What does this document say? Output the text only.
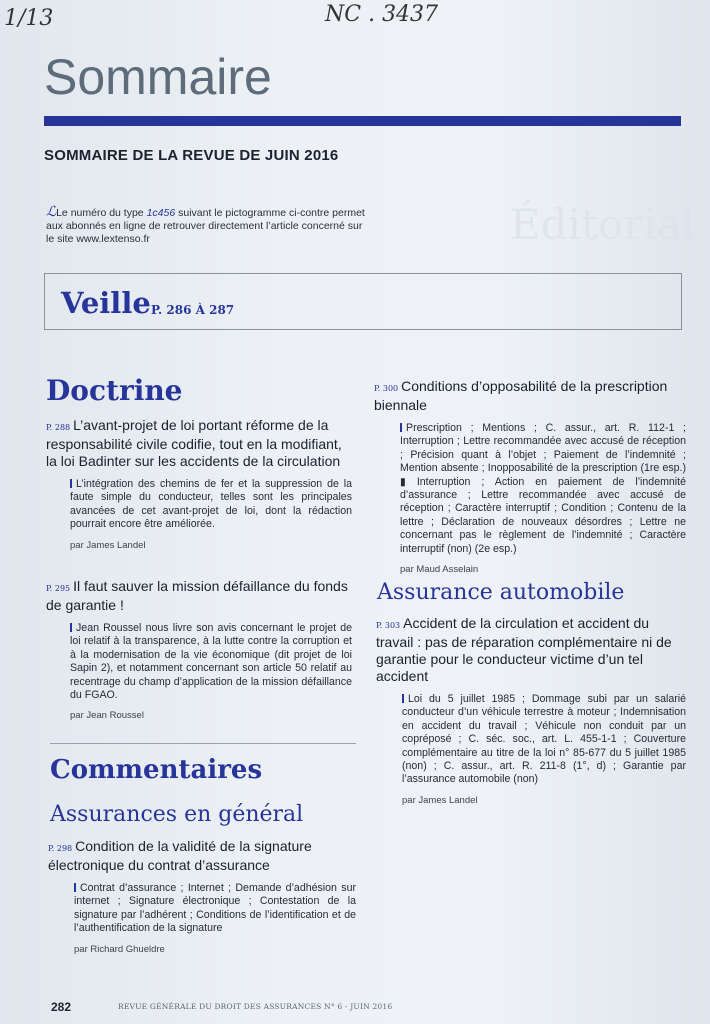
Éditorial
1/13	NC . 3437
Sommaire
SOMMAIRE DE LA REVUE DE JUIN 2016
ℒLe numéro du type 1c456 suivant le pictogramme ci-contre permet aux abonnés en ligne de retrouver directement l’article concerné sur le site www.lextenso.fr
Veille P. 286 À 287
Doctrine
P. 288 L’avant-projet de loi portant réforme de la responsabilité civile codifie, tout en la modifiant, la loi Badinter sur les accidents de la circulation
L’intégration des chemins de fer et la suppression de la faute simple du conducteur, telles sont les principales avancées de cet avant-projet de loi, dont la rédaction pourrait encore être améliorée.
par James Landel
P. 295 Il faut sauver la mission défaillance du fonds de garantie !
Jean Roussel nous livre son avis concernant le projet de loi relatif à la transparence, à la lutte contre la corruption et à la modernisation de la vie économique (dit projet de loi Sapin 2), et notamment concernant son article 50 relatif au recentrage du champ d’application de la mission défaillance du FGAO.
par Jean Roussel
Commentaires
Assurances en général
P. 298 Condition de la validité de la signature électronique du contrat d’assurance
Contrat d’assurance ; Internet ; Demande d’adhésion sur internet ; Signature électronique ; Contestation de la signature par l’adhérent ; Conditions de l’identification et de l’authentification de la signature
par Richard Ghueldre
P. 300 Conditions d’opposabilité de la prescription biennale
Prescription ; Mentions ; C. assur., art. R. 112-1 ; Interruption ; Lettre recommandée avec accusé de réception ; Précision quant à l’objet ; Paiement de l’indemnité ; Mention absente ; Inopposabilité de la prescription (1re esp.) ▮ Interruption ; Action en paiement de l’indemnité d’assurance ; Lettre recommandée avec accusé de réception ; Caractère interruptif ; Condition ; Contenu de la lettre ; Déclaration de nouveaux désordres ; Lettre ne concernant pas le règlement de l’indemnité ; Caractère interruptif (non) (2e esp.)
par Maud Asselain
Assurance automobile
P. 303 Accident de la circulation et accident du travail : pas de réparation complémentaire ni de garantie pour le conducteur victime d’un tel accident
Loi du 5 juillet 1985 ; Dommage subi par un salarié conducteur d’un véhicule terrestre à moteur ; Indemnisation en accident du travail ; Véhicule non conduit par un copréposé ; C. séc. soc., art. L. 455-1-1 ; Couverture complémentaire au titre de la loi n° 85-677 du 5 juillet 1985 (non) ; C. assur., art. R. 211-8 (1°, d) ; Garantie par l’assurance automobile (non)
par James Landel
282	REVUE GÉNÉRALE DU DROIT DES ASSURANCES N° 6 - JUIN 2016
